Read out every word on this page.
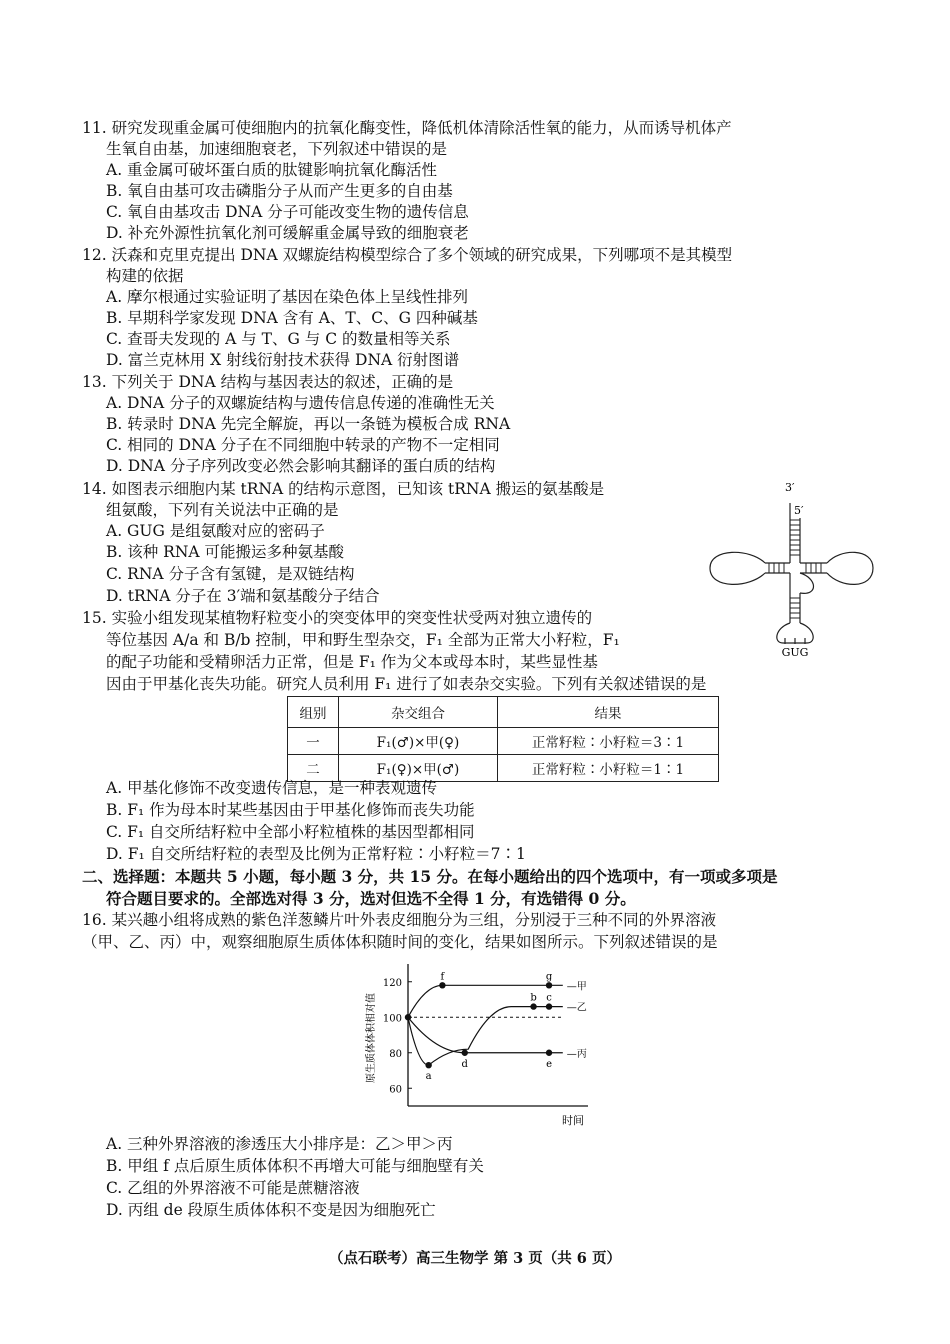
11. 研究发现重金属可使细胞内的抗氧化酶变性，降低机体清除活性氧的能力，从而诱导机体产
生氧自由基，加速细胞衰老，下列叙述中错误的是
A. 重金属可破坏蛋白质的肽键影响抗氧化酶活性
B. 氧自由基可攻击磷脂分子从而产生更多的自由基
C. 氧自由基攻击 DNA 分子可能改变生物的遗传信息
D. 补充外源性抗氧化剂可缓解重金属导致的细胞衰老
12. 沃森和克里克提出 DNA 双螺旋结构模型综合了多个领域的研究成果，下列哪项不是其模型
构建的依据
A. 摩尔根通过实验证明了基因在染色体上呈线性排列
B. 早期科学家发现 DNA 含有 A、T、C、G 四种碱基
C. 查哥夫发现的 A 与 T、G 与 C 的数量相等关系
D. 富兰克林用 X 射线衍射技术获得 DNA 衍射图谱
13. 下列关于 DNA 结构与基因表达的叙述，正确的是
A. DNA 分子的双螺旋结构与遗传信息传递的准确性无关
B. 转录时 DNA 先完全解旋，再以一条链为模板合成 RNA
C. 相同的 DNA 分子在不同细胞中转录的产物不一定相同
D. DNA 分子序列改变必然会影响其翻译的蛋白质的结构
14. 如图表示细胞内某 tRNA 的结构示意图，已知该 tRNA 搬运的氨基酸是
组氨酸，下列有关说法中正确的是
A. GUG 是组氨酸对应的密码子
B. 该种 RNA 可能搬运多种氨基酸
C. RNA 分子含有氢键，是双链结构
D. tRNA 分子在 3′端和氨基酸分子结合
3′
5′
GUG
15. 实验小组发现某植物籽粒变小的突变体甲的突变性状受两对独立遗传的
等位基因 A/a 和 B/b 控制，甲和野生型杂交，F₁ 全部为正常大小籽粒，F₁
的配子功能和受精卵活力正常，但是 F₁ 作为父本或母本时，某些显性基
因由于甲基化丧失功能。研究人员利用 F₁ 进行了如表杂交实验。下列有关叙述错误的是
组别	杂交组合	结果
一	F₁(♂)×甲(♀)	正常籽粒∶小籽粒＝3∶1
二	F₁(♀)×甲(♂)	正常籽粒∶小籽粒＝1∶1
A. 甲基化修饰不改变遗传信息，是一种表观遗传
B. F₁ 作为母本时某些基因由于甲基化修饰而丧失功能
C. F₁ 自交所结籽粒中全部小籽粒植株的基因型都相同
D. F₁ 自交所结籽粒的表型及比例为正常籽粒∶小籽粒＝7∶1
二、选择题：本题共 5 小题，每小题 3 分，共 15 分。在每小题给出的四个选项中，有一项或多项是
符合题目要求的。全部选对得 3 分，选对但选不全得 1 分，有选错得 0 分。
16. 某兴趣小组将成熟的紫色洋葱鳞片叶外表皮细胞分为三组，分别浸于三种不同的外界溶液
（甲、乙、丙）中，观察细胞原生质体体积随时间的变化，结果如图所示。下列叙述错误的是
原生质体体积相对值
时间
60
80
100
120
f	g
—甲
a
b c
—乙
d	e
—丙
A. 三种外界溶液的渗透压大小排序是：乙＞甲＞丙
B. 甲组 f 点后原生质体体积不再增大可能与细胞壁有关
C. 乙组的外界溶液不可能是蔗糖溶液
D. 丙组 de 段原生质体体积不变是因为细胞死亡
（点石联考）高三生物学 第 3 页（共 6 页）
